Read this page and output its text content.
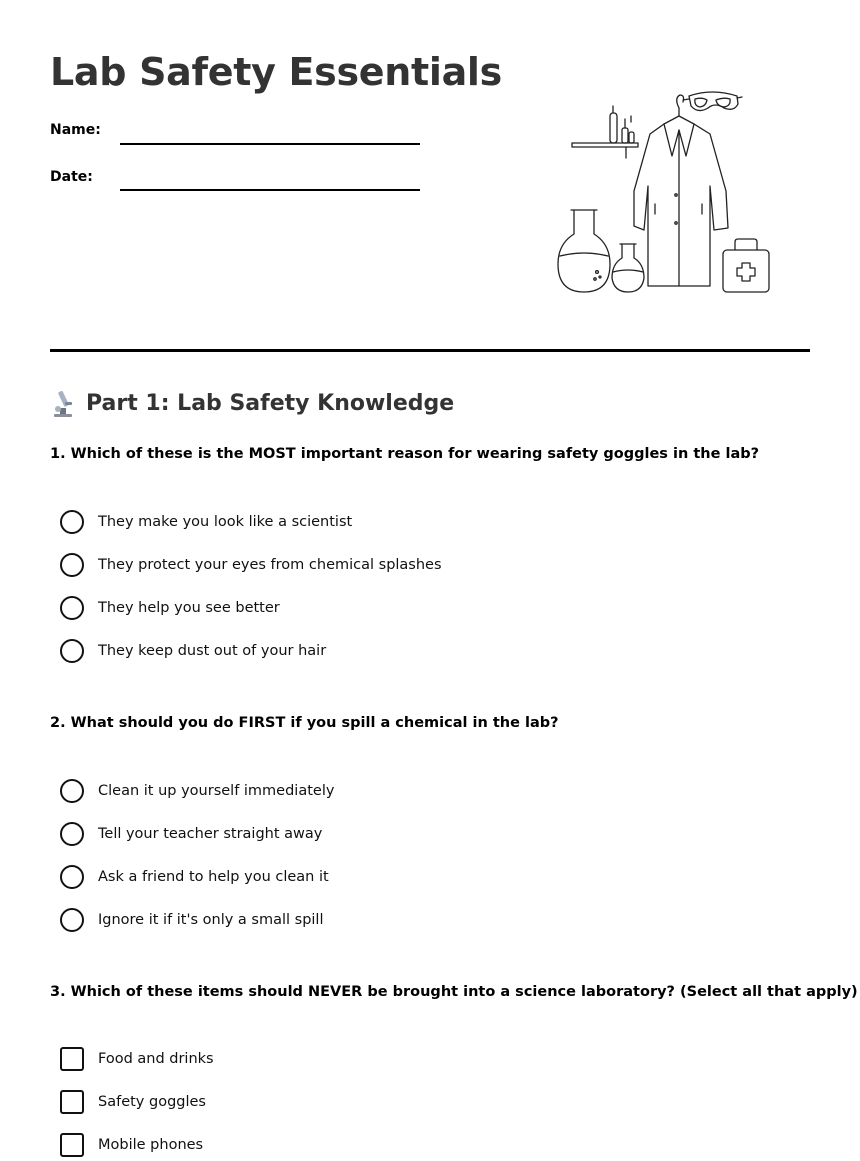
Lab Safety Essentials
Name:
Date:
Part 1: Lab Safety Knowledge
1. Which of these is the MOST important reason for wearing safety goggles in the lab?
They make you look like a scientist
They protect your eyes from chemical splashes
They help you see better
They keep dust out of your hair
2. What should you do FIRST if you spill a chemical in the lab?
Clean it up yourself immediately
Tell your teacher straight away
Ask a friend to help you clean it
Ignore it if it's only a small spill
3. Which of these items should NEVER be brought into a science laboratory? (Select all that apply)
Food and drinks
Safety goggles
Mobile phones
